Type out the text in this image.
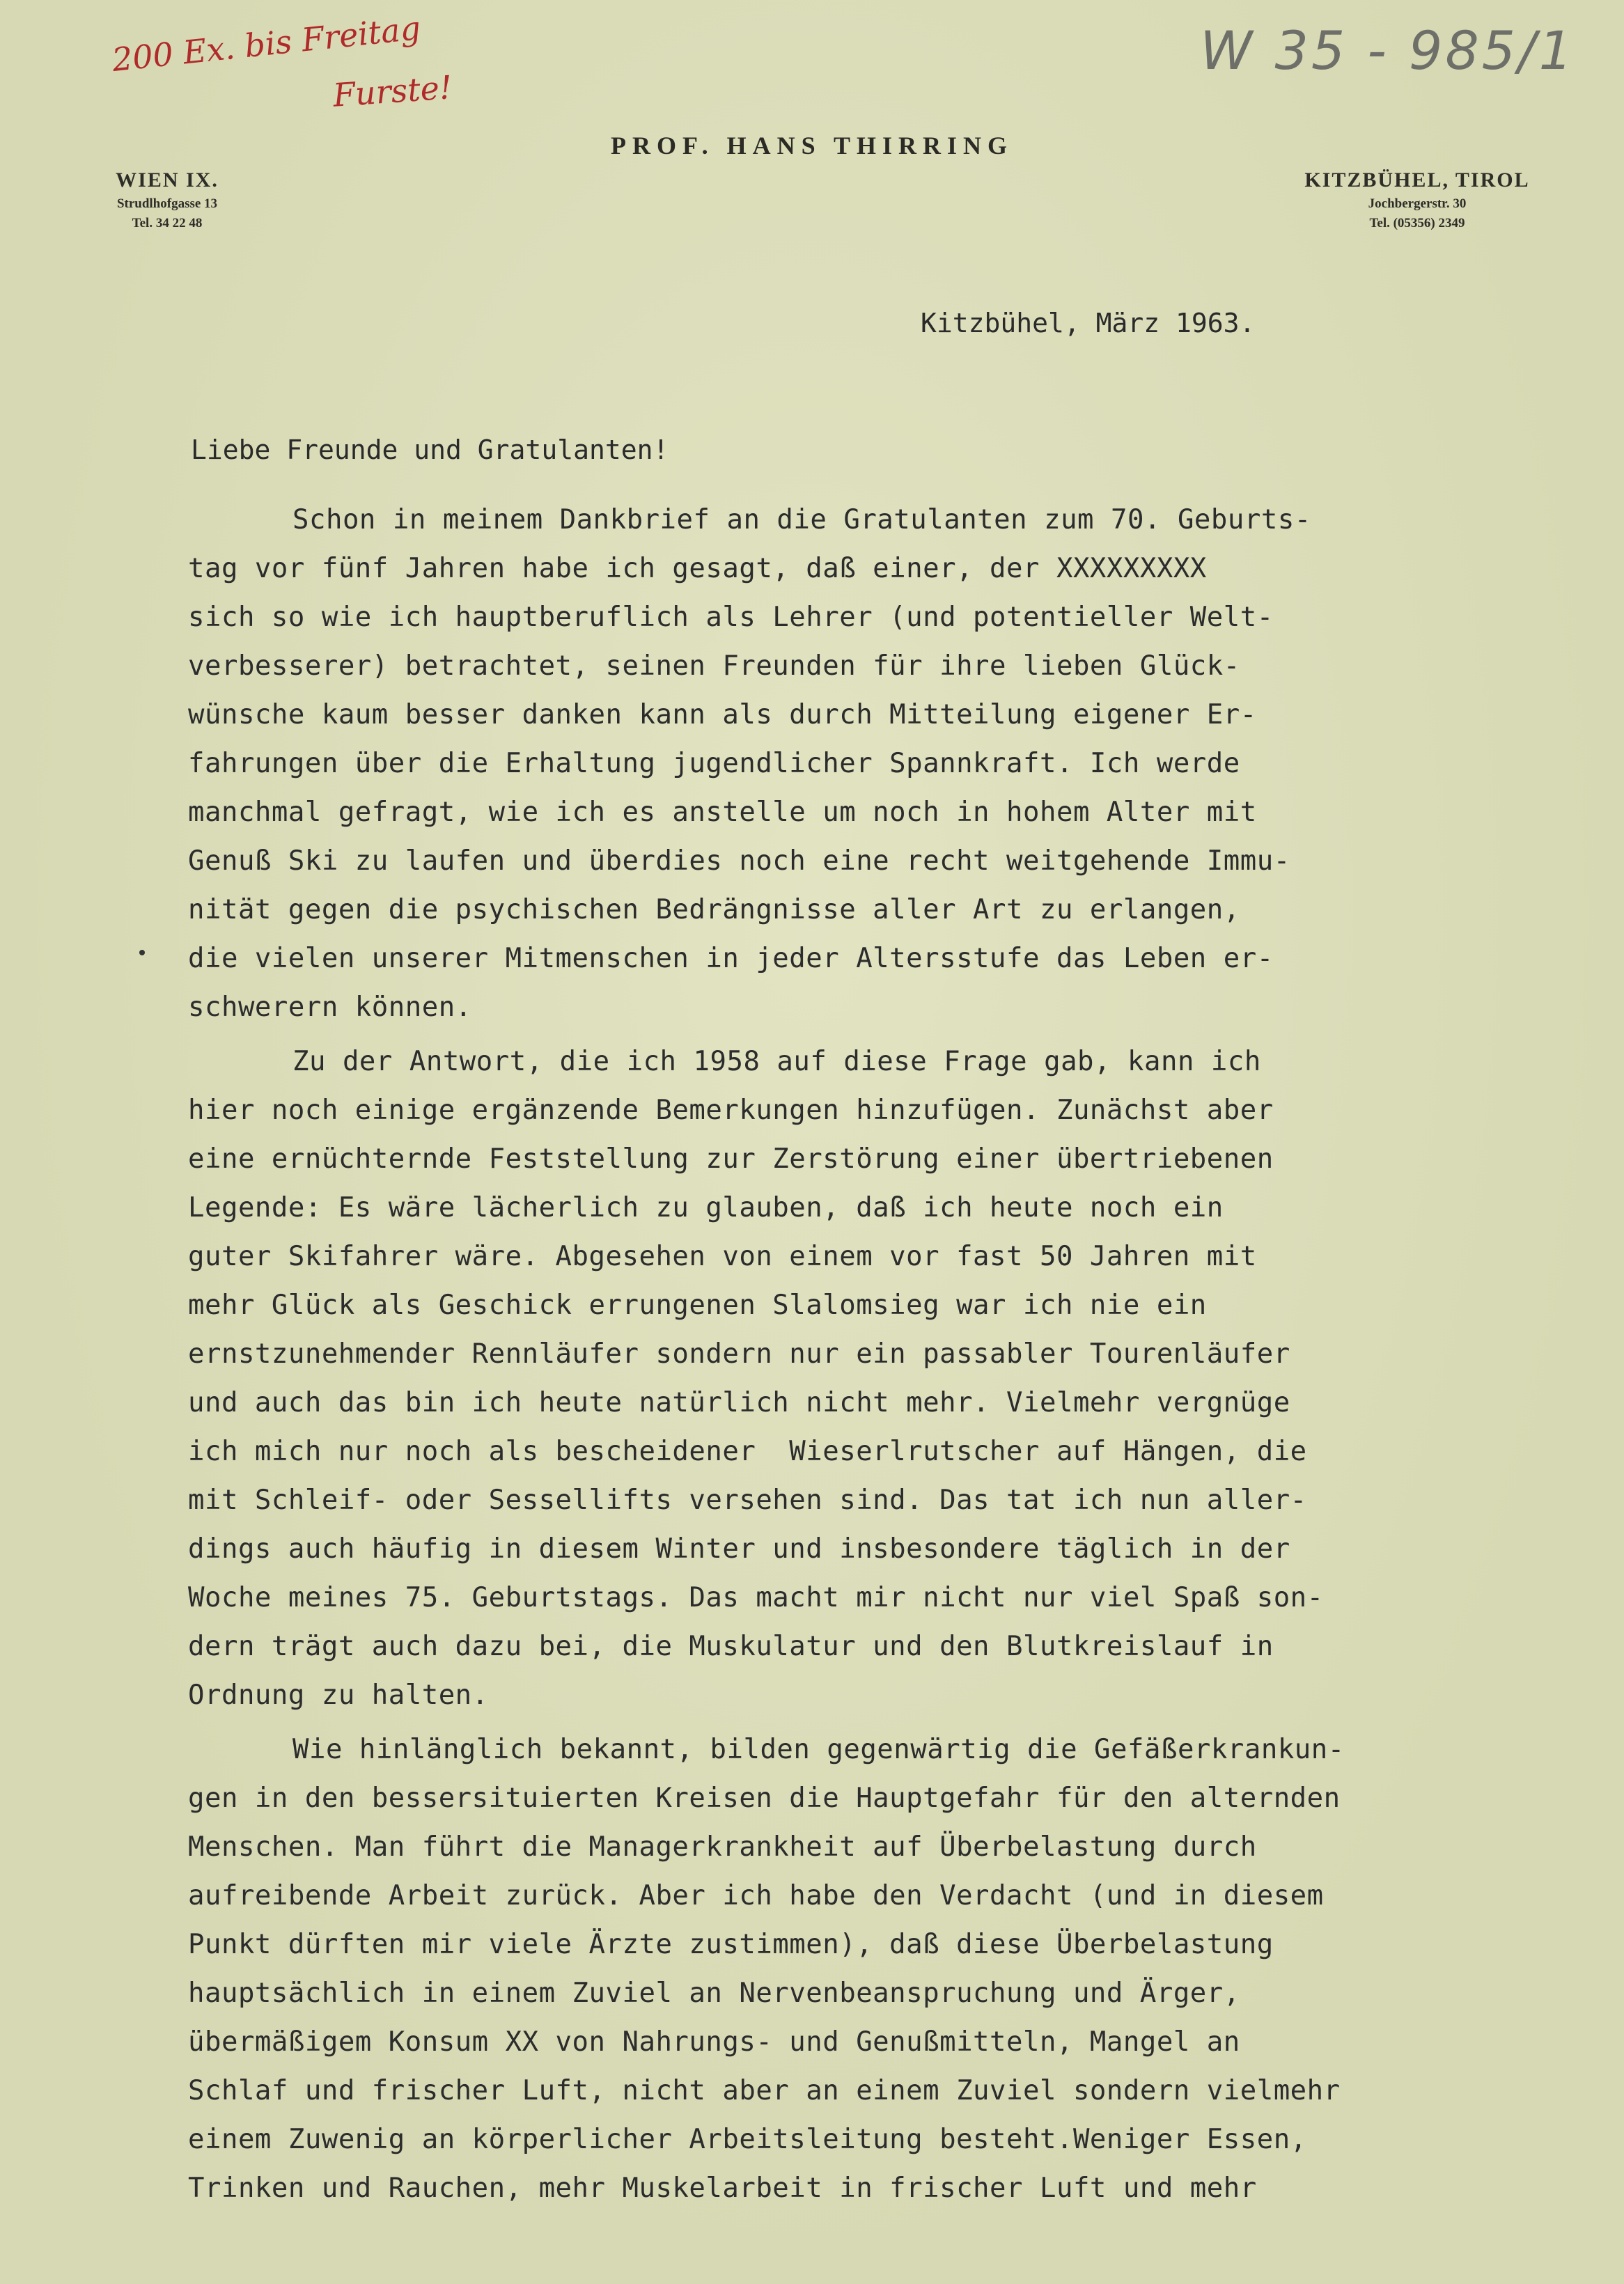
200 Ex. bis Freitag
Furste!
W 35 - 985/1
PROF. HANS THIRRING
WIEN IX.
Strudlhofgasse 13
Tel. 34 22 48
KITZBÜHEL, TIROL
Jochbergerstr. 30
Tel. (05356) 2349
Kitzbühel, März 1963.
Liebe Freunde und Gratulanten!
Schon in meinem Dankbrief an die Gratulanten zum 70. Geburts-
tag vor fünf Jahren habe ich gesagt, daß einer, der XXXXXXXXX
sich so wie ich hauptberuflich als Lehrer (und potentieller Welt-
verbesserer) betrachtet, seinen Freunden für ihre lieben Glück-
wünsche kaum besser danken kann als durch Mitteilung eigener Er-
fahrungen über die Erhaltung jugendlicher Spannkraft. Ich werde
manchmal gefragt, wie ich es anstelle um noch in hohem Alter mit
Genuß Ski zu laufen und überdies noch eine recht weitgehende Immu-
nität gegen die psychischen Bedrängnisse aller Art zu erlangen,
die vielen unserer Mitmenschen in jeder Altersstufe das Leben er-
schwerern können.
Zu der Antwort, die ich 1958 auf diese Frage gab, kann ich
hier noch einige ergänzende Bemerkungen hinzufügen. Zunächst aber
eine ernüchternde Feststellung zur Zerstörung einer übertriebenen
Legende: Es wäre lächerlich zu glauben, daß ich heute noch ein
guter Skifahrer wäre. Abgesehen von einem vor fast 50 Jahren mit
mehr Glück als Geschick errungenen Slalomsieg war ich nie ein
ernstzunehmender Rennläufer sondern nur ein passabler Tourenläufer
und auch das bin ich heute natürlich nicht mehr. Vielmehr vergnüge
ich mich nur noch als bescheidener  Wieserlrutscher auf Hängen, die
mit Schleif- oder Sessellifts versehen sind. Das tat ich nun aller-
dings auch häufig in diesem Winter und insbesondere täglich in der
Woche meines 75. Geburtstags. Das macht mir nicht nur viel Spaß son-
dern trägt auch dazu bei, die Muskulatur und den Blutkreislauf in
Ordnung zu halten.
Wie hinlänglich bekannt, bilden gegenwärtig die Gefäßerkrankun-
gen in den bessersituierten Kreisen die Hauptgefahr für den alternden
Menschen. Man führt die Managerkrankheit auf Überbelastung durch
aufreibende Arbeit zurück. Aber ich habe den Verdacht (und in diesem
Punkt dürften mir viele Ärzte zustimmen), daß diese Überbelastung
hauptsächlich in einem Zuviel an Nervenbeanspruchung und Ärger,
übermäßigem Konsum XX von Nahrungs- und Genußmitteln, Mangel an
Schlaf und frischer Luft, nicht aber an einem Zuviel sondern vielmehr
einem Zuwenig an körperlicher Arbeitsleitung besteht.Weniger Essen,
Trinken und Rauchen, mehr Muskelarbeit in frischer Luft und mehr
